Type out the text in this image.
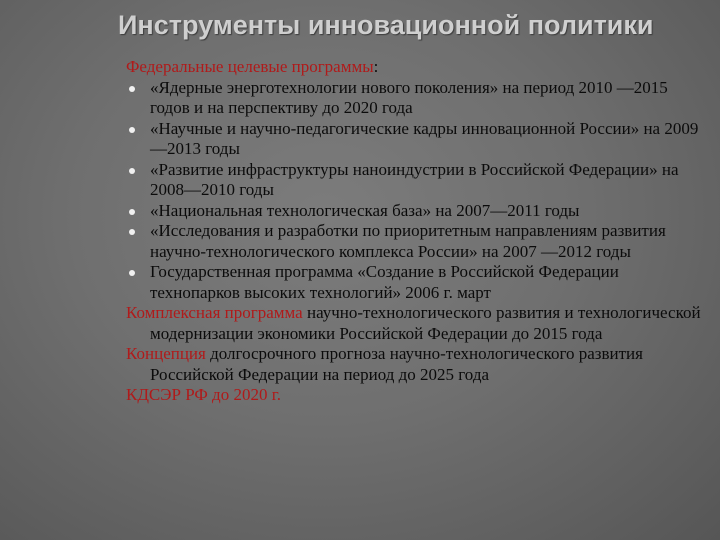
Инструменты инновационной политики
Федеральные целевые программы:
«Ядерные энерготехнологии нового поколения» на период 2010 —2015 годов и на перспективу до 2020 года
«Научные и научно-педагогические кадры инновационной России» на 2009—2013 годы
«Развитие инфраструктуры наноиндустрии в Российской Федерации» на 2008—2010 годы
«Национальная технологическая база» на 2007—2011 годы
«Исследования и разработки по приоритетным направлениям развития научно-технологического комплекса России» на 2007 —2012 годы
Государственная программа «Создание в Российской Федерации технопарков высоких технологий» 2006 г. март
Комплексная программа научно-технологического развития и технологической модернизации экономики Российской Федерации до 2015 года
Концепция долгосрочного прогноза научно-технологического развития Российской Федерации на период до 2025 года
КДСЭР РФ до 2020 г.
